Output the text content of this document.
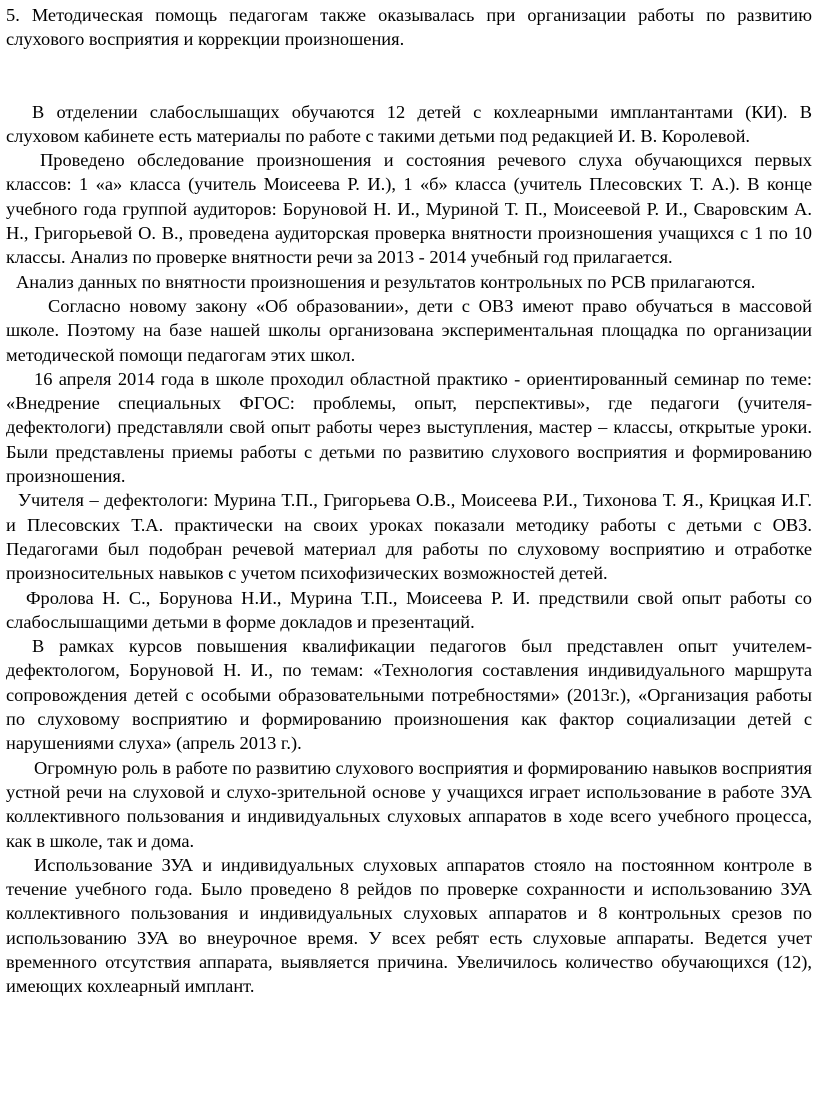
5. Методическая помощь педагогам также оказывалась при организации работы по развитию слухового восприятия и коррекции произношения.

В отделении слабослышащих обучаются 12 детей с кохлеарными имплантантами (КИ). В слуховом кабинете есть материалы по работе с такими детьми под редакцией И. В. Королевой.

Проведено обследование произношения и состояния речевого слуха обучающихся первых классов: 1 «а» класса (учитель Моисеева Р. И.), 1 «б» класса (учитель Плесовских Т. А.). В конце учебного года группой аудиторов: Боруновой Н. И., Муриной Т. П., Моисеевой Р. И., Сваровским А. Н., Григорьевой О. В., проведена аудиторская проверка внятности произношения учащихся с 1 по 10 классы. Анализ по проверке внятности речи за 2013 - 2014 учебный год прилагается.

Анализ данных по внятности произношения и результатов контрольных по РСВ прилагаются.

Согласно новому закону «Об образовании», дети с ОВЗ имеют право обучаться в массовой школе. Поэтому на базе нашей школы организована экспериментальная площадка по организации методической помощи педагогам этих школ.

16 апреля 2014 года в школе проходил областной практико - ориентированный семинар по теме: «Внедрение специальных ФГОС: проблемы, опыт, перспективы», где педагоги (учителя- дефектологи) представляли свой опыт работы через выступления, мастер – классы, открытые уроки. Были представлены приемы работы с детьми по развитию слухового восприятия и формированию произношения.

Учителя – дефектологи: Мурина Т.П., Григорьева О.В., Моисеева Р.И., Тихонова Т. Я., Крицкая И.Г. и Плесовских Т.А. практически на своих уроках показали методику работы с детьми с ОВЗ. Педагогами был подобран речевой материал для работы по слуховому восприятию и отработке произносительных навыков с учетом психофизических возможностей детей.

Фролова Н. С., Борунова Н.И., Мурина Т.П., Моисеева Р. И. предствили свой опыт работы со слабослышащими детьми в форме докладов и презентаций.

В рамках курсов повышения квалификации педагогов был представлен опыт учителем-дефектологом, Боруновой Н. И., по темам: «Технология составления индивидуального маршрута сопровождения детей с особыми образовательными потребностями» (2013г.), «Организация работы по слуховому восприятию и формированию произношения как фактор социализации детей с нарушениями слуха» (апрель 2013 г.).

Огромную роль в работе по развитию слухового восприятия и формированию навыков восприятия устной речи на слуховой и слухо-зрительной основе у учащихся играет использование в работе ЗУА коллективного пользования и индивидуальных слуховых аппаратов в ходе всего учебного процесса, как в школе, так и дома.

Использование ЗУА и индивидуальных слуховых аппаратов стояло на постоянном контроле в течение учебного года. Было проведено 8 рейдов по проверке сохранности и использованию ЗУА коллективного пользования и индивидуальных слуховых аппаратов и 8 контрольных срезов по использованию ЗУА во внеурочное время. У всех ребят есть слуховые аппараты. Ведется учет временного отсутствия аппарата, выявляется причина. Увеличилось количество обучающихся (12), имеющих кохлеарный имплант.
